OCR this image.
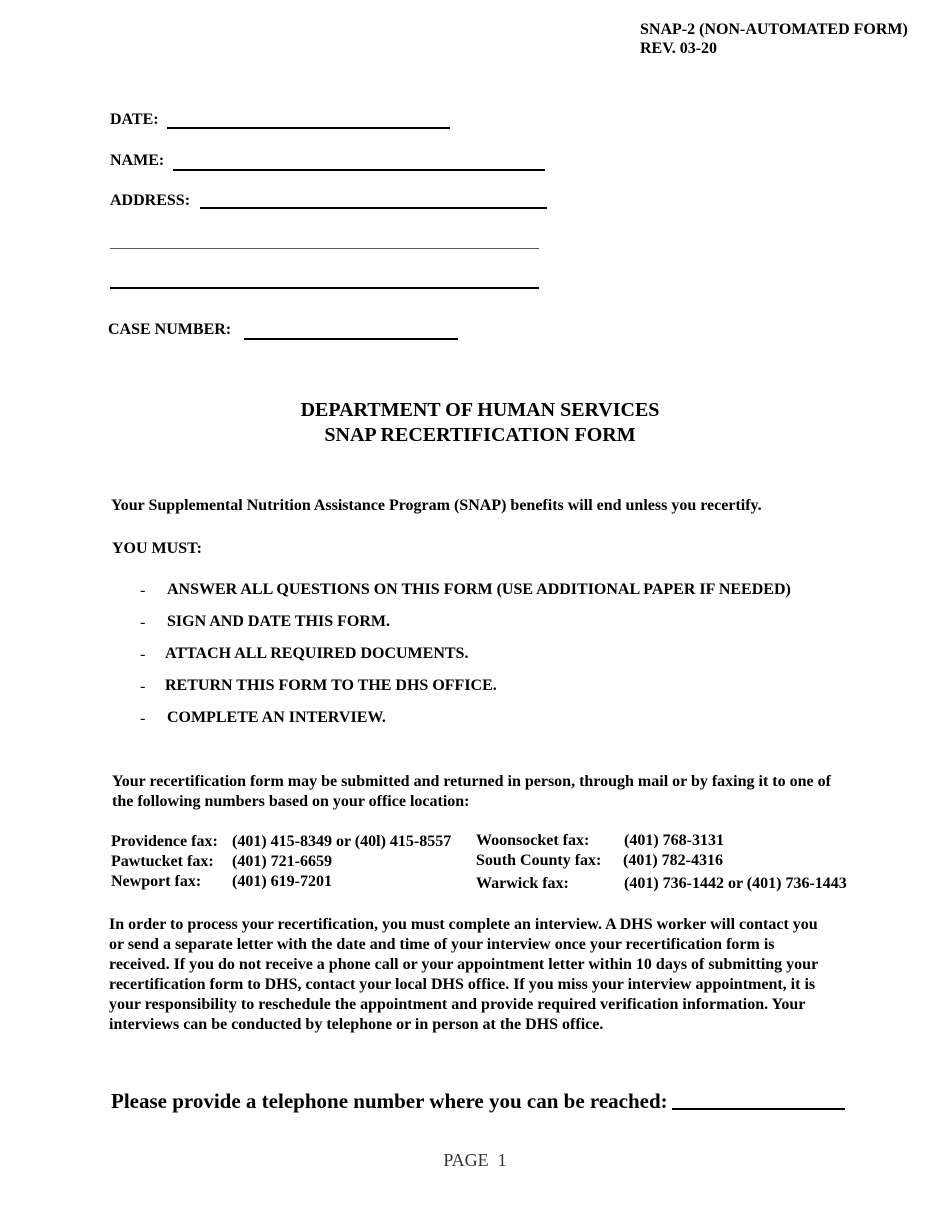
SNAP-2 (NON-AUTOMATED FORM)
REV. 03-20
DATE:
NAME:
ADDRESS:
CASE NUMBER:
DEPARTMENT OF HUMAN SERVICES
SNAP RECERTIFICATION FORM
Your Supplemental Nutrition Assistance Program (SNAP) benefits will end unless you recertify.
YOU MUST:
- ANSWER ALL QUESTIONS ON THIS FORM (USE ADDITIONAL PAPER IF NEEDED)
- SIGN AND DATE THIS FORM.
- ATTACH ALL REQUIRED DOCUMENTS.
- RETURN THIS FORM TO THE DHS OFFICE.
- COMPLETE AN INTERVIEW.
Your recertification form may be submitted and returned in person, through mail or by faxing it to one of the following numbers based on your office location:
Providence fax: (401) 415-8349 or (40l) 415-8557
Pawtucket fax: (401) 721-6659
Newport fax: (401) 619-7201
Woonsocket fax: (401) 768-3131
South County fax: (401) 782-4316
Warwick fax:	(401) 736-1442 or (401) 736-1443
In order to process your recertification, you must complete an interview. A DHS worker will contact you or send a separate letter with the date and time of your interview once your recertification form is received. If you do not receive a phone call or your appointment letter within 10 days of submitting your recertification form to DHS, contact your local DHS office. If you miss your interview appointment, it is your responsibility to reschedule the appointment and provide required verification information. Your interviews can be conducted by telephone or in person at the DHS office.
Please provide a telephone number where you can be reached:
PAGE  1
